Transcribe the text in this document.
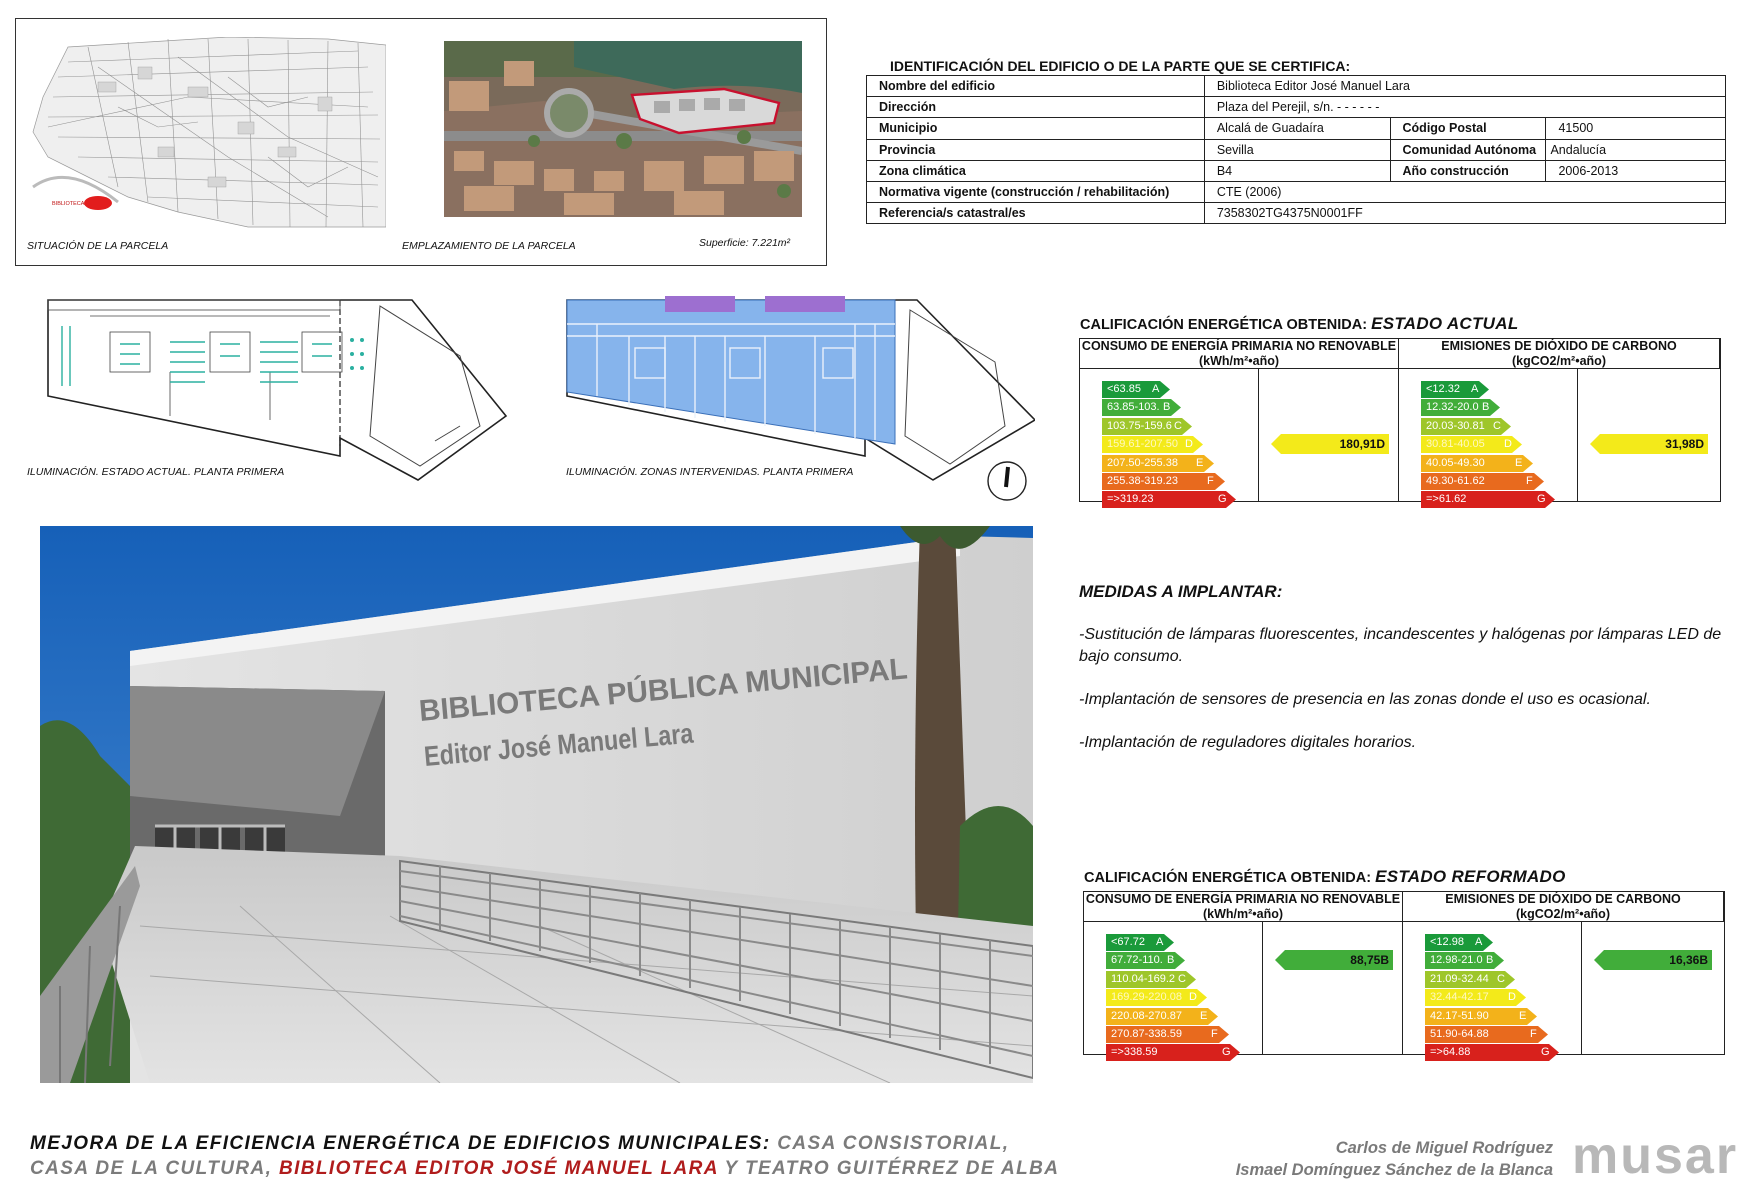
BIBLIOTECA
SITUACIÓN DE LA PARCELA	EMPLAZAMIENTO DE LA PARCELA	Superficie: 7.221m²
IDENTIFICACIÓN DEL EDIFICIO O DE LA PARTE QUE SE CERTIFICA:
Nombre del edificio	Biblioteca Editor José Manuel Lara		
Dirección	Plaza del Perejil, s/n. - - - - - -		
Municipio	Alcalá de Guadaíra	Código Postal	41500
Provincia	Sevilla	Comunidad Autónoma	Andalucía
Zona climática	B4	Año construcción	2006-2013
Normativa vigente (construcción / rehabilitación)	CTE (2006)		
Referencia/s catastral/es	7358302TG4375N0001FF		
ILUMINACIÓN. ESTADO ACTUAL. PLANTA PRIMERA	ILUMINACIÓN. ZONAS INTERVENIDAS. PLANTA PRIMERA
BIBLIOTECA PÚBLICA MUNICIPAL
Editor José Manuel Lara
CALIFICACIÓN ENERGÉTICA OBTENIDA: ESTADO ACTUAL
CONSUMO DE ENERGÍA PRIMARIA NO RENOVABLE (kWh/m²•año)
EMISIONES DE DIÓXIDO DE CARBONO (kgCO2/m²•año)
<63.85 A
63.85-103. B
103.75-159.6 C
159.61-207.50 D
207.50-255.38 E
255.38-319.23	F
=>319.23	G
180,91D
<12.32 A
12.32-20.0 B
20.03-30.81 C
30.81-40.05 D
40.05-49.30	E
49.30-61.62	F
=>61.62	G
31,98D
MEDIDAS A IMPLANTAR:
-Sustitución de lámparas fluorescentes, incandescentes y halógenas por lámparas LED de bajo consumo.
-Implantación de sensores de presencia en las zonas donde el uso es ocasional.
-Implantación de reguladores digitales horarios.
CALIFICACIÓN ENERGÉTICA OBTENIDA: ESTADO REFORMADO
CONSUMO DE ENERGÍA PRIMARIA NO RENOVABLE (kWh/m²•año)
EMISIONES DE DIÓXIDO DE CARBONO (kgCO2/m²•año)
<67.72 A
67.72-110. B
110.04-169.2 C
169.29-220.08 D
220.08-270.87 E
270.87-338.59	F
=>338.59	G
88,75B
<12.98 A
12.98-21.0 B
21.09-32.44 C
32.44-42.17 D
42.17-51.90	E
51.90-64.88	F
=>64.88	G
16,36B
MEJORA DE LA EFICIENCIA ENERGÉTICA DE EDIFICIOS MUNICIPALES: CASA CONSISTORIAL,
CASA DE LA CULTURA, BIBLIOTECA EDITOR JOSÉ MANUEL LARA Y TEATRO GUITÉRREZ DE ALBA
Carlos de Miguel Rodríguez
Ismael Domínguez Sánchez de la Blanca musar
